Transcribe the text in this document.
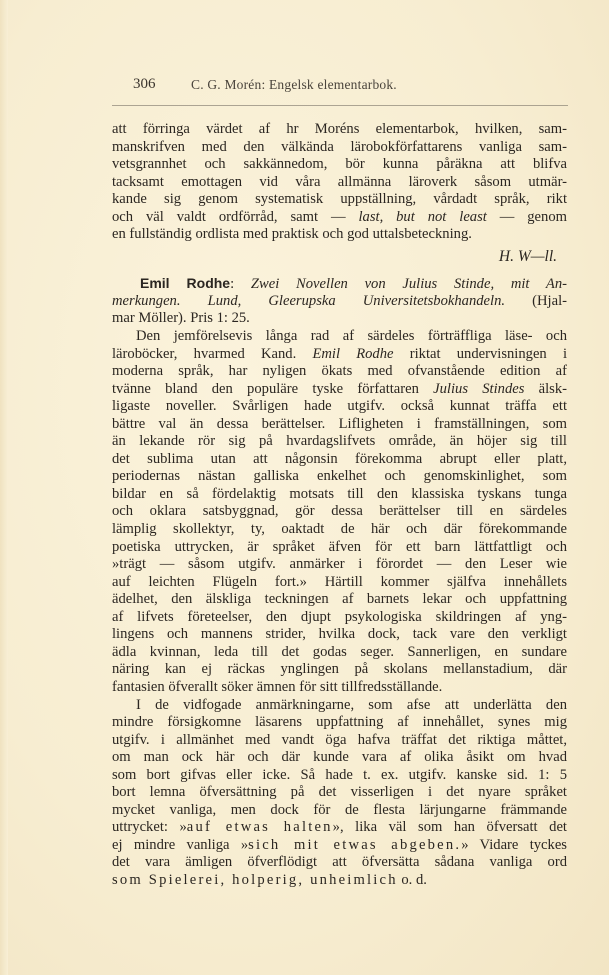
306	C. G. Morén: Engelsk elementarbok.
att förringa värdet af hr Moréns elementarbok, hvilken, sam-
manskrifven med den välkända lärobokförfattarens vanliga sam-
vetsgrannhet och sakkännedom, bör kunna påräkna att blifva
tacksamt emottagen vid våra allmänna läroverk såsom utmär-
kande sig genom systematisk uppställning, vårdadt språk, rikt
och väl valdt ordförråd, samt — last, but not least — genom
en fullständig ordlista med praktisk och god uttalsbeteckning.
H. W—ll.
Emil Rodhe: Zwei Novellen von Julius Stinde, mit An-
merkungen. Lund, Gleerupska Universitetsbokhandeln. (Hjal-
mar Möller). Pris 1: 25.
Den jemförelsevis långa rad af särdeles förträffliga läse- och
läroböcker, hvarmed Kand. Emil Rodhe riktat undervisningen i
moderna språk, har nyligen ökats med ofvanstående edition af
tvänne bland den populäre tyske författaren Julius Stindes älsk-
ligaste noveller. Svårligen hade utgifv. också kunnat träffa ett
bättre val än dessa berättelser. Lifligheten i framställningen, som
än lekande rör sig på hvardagslifvets område, än höjer sig till
det sublima utan att någonsin förekomma abrupt eller platt,
periodernas nästan galliska enkelhet och genomskinlighet, som
bildar en så fördelaktig motsats till den klassiska tyskans tunga
och oklara satsbyggnad, gör dessa berättelser till en särdeles
lämplig skollektyr, ty, oaktadt de här och där förekommande
poetiska uttrycken, är språket äfven för ett barn lättfattligt och
»trägt — såsom utgifv. anmärker i förordet — den Leser wie
auf leichten Flügeln fort.» Härtill kommer själfva innehållets
ädelhet, den älskliga teckningen af barnets lekar och uppfattning
af lifvets företeelser, den djupt psykologiska skildringen af yng-
lingens och mannens strider, hvilka dock, tack vare den verkligt
ädla kvinnan, leda till det godas seger. Sannerligen, en sundare
näring kan ej räckas ynglingen på skolans mellanstadium, där
fantasien öfverallt söker ämnen för sitt tillfredsställande.
I de vidfogade anmärkningarne, som afse att underlätta den
mindre försigkomne läsarens uppfattning af innehållet, synes mig
utgifv. i allmänhet med vandt öga hafva träffat det riktiga måttet,
om man ock här och där kunde vara af olika åsikt om hvad
som bort gifvas eller icke. Så hade t. ex. utgifv. kanske sid. 1: 5
bort lemna öfversättning på det visserligen i det nyare språket
mycket vanliga, men dock för de flesta lärjungarne främmande
uttrycket: »auf etwas halten», lika väl som han öfversatt det
ej mindre vanliga »sich mit etwas abgeben.» Vidare tyckes
det vara ämligen öfverflödigt att öfversätta sådana vanliga ord
som Spielerei, holperig, unheimlich o. d.
